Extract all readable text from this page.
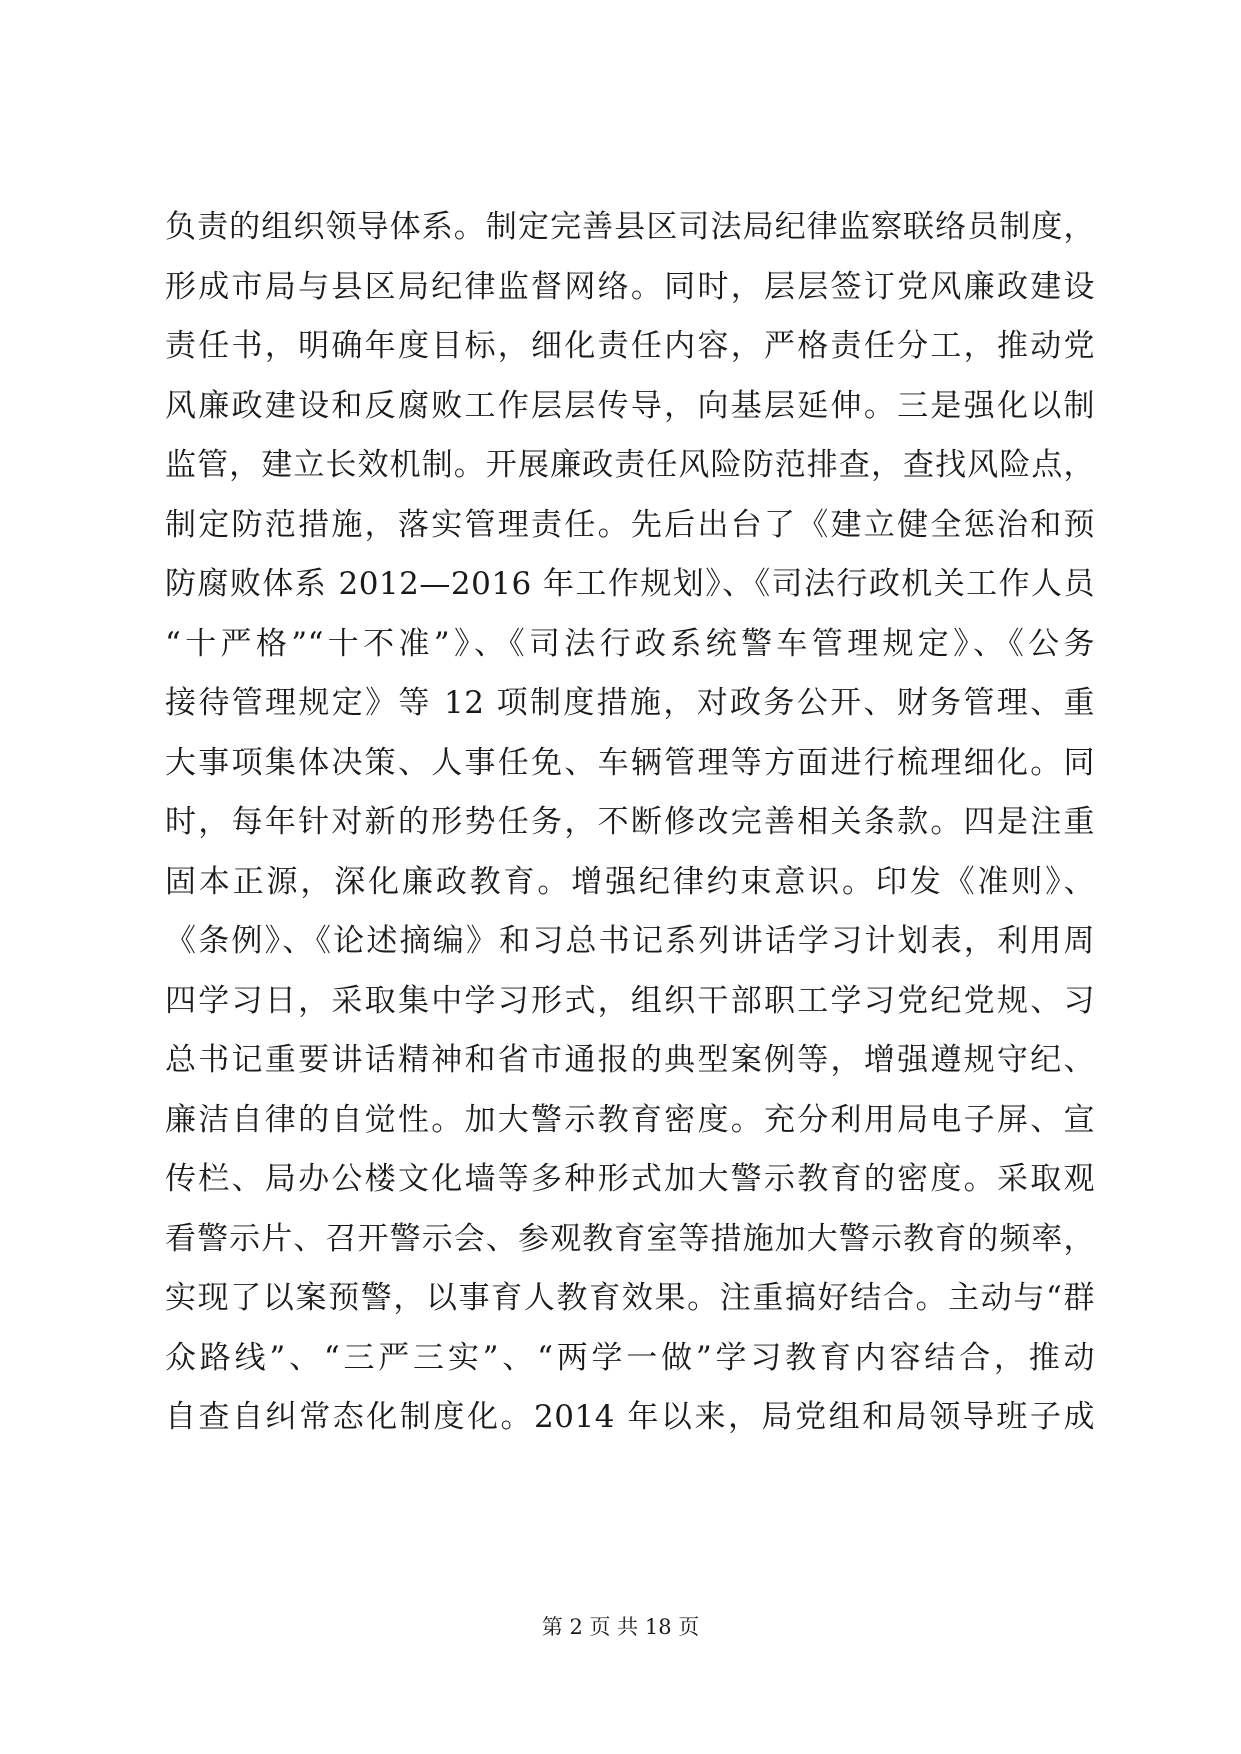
负责的组织领导体系。制定完善县区司法局纪律监察联络员制度，
形成市局与县区局纪律监督网络。同时，层层签订党风廉政建设
责任书，明确年度目标，细化责任内容，严格责任分工，推动党
风廉政建设和反腐败工作层层传导，向基层延伸。三是强化以制
监管，建立长效机制。开展廉政责任风险防范排查，查找风险点，
制定防范措施，落实管理责任。先后出台了《建立健全惩治和预
防腐败体系 2012—2016 年工作规划》、《司法行政机关工作人员
“十严格”“十不准”》、《司法行政系统警车管理规定》、《公务
接待管理规定》等 12 项制度措施，对政务公开、财务管理、重
大事项集体决策、人事任免、车辆管理等方面进行梳理细化。同
时，每年针对新的形势任务，不断修改完善相关条款。四是注重
固本正源，深化廉政教育。增强纪律约束意识。印发《准则》、
《条例》、《论述摘编》和习总书记系列讲话学习计划表，利用周
四学习日，采取集中学习形式，组织干部职工学习党纪党规、习
总书记重要讲话精神和省市通报的典型案例等，增强遵规守纪、
廉洁自律的自觉性。加大警示教育密度。充分利用局电子屏、宣
传栏、局办公楼文化墙等多种形式加大警示教育的密度。采取观
看警示片、召开警示会、参观教育室等措施加大警示教育的频率，
实现了以案预警，以事育人教育效果。注重搞好结合。主动与“群
众路线”、“三严三实”、“两学一做”学习教育内容结合，推动
自查自纠常态化制度化。2014 年以来，局党组和局领导班子成
第 2 页 共 18 页
